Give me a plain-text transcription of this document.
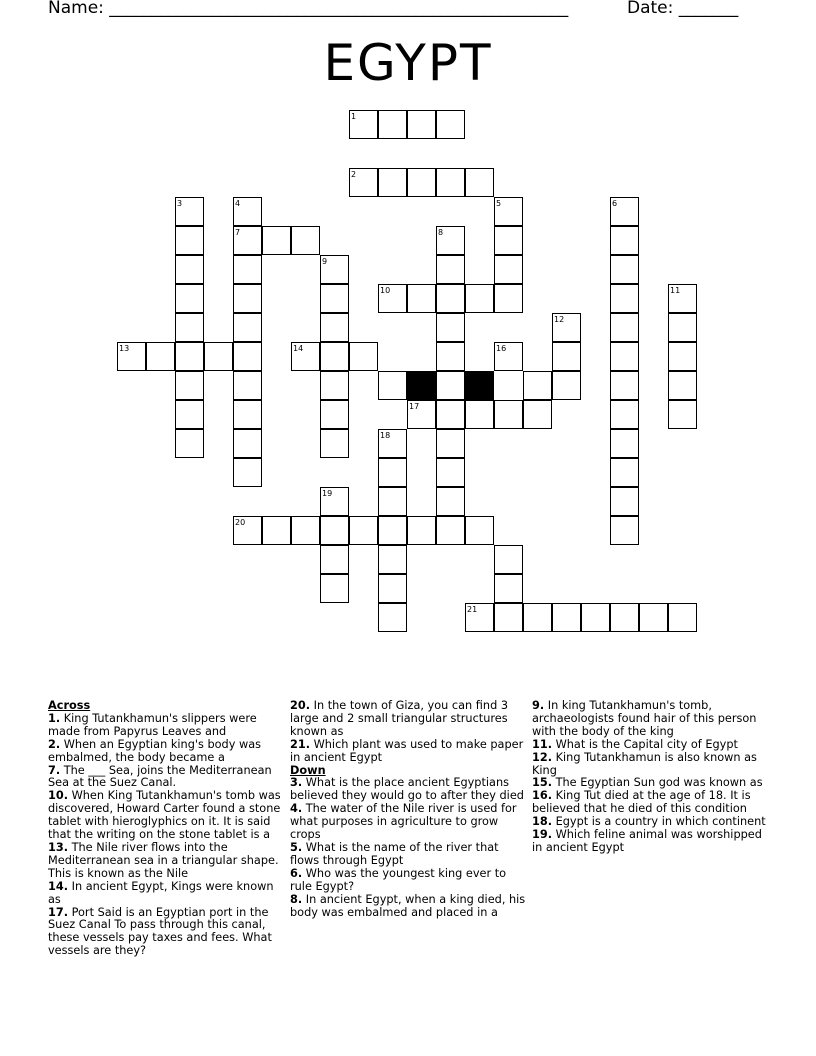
Name: ______________________________________________________	Date: _______
EGYPT
1
2
3	4
7
5	6
8
9
10	11
12
13	14	16
17
18
19
20
21

Across

1. King Tutankhamun's slippers were made from Papyrus Leaves and

2. When an Egyptian king's body was embalmed, the body became a

7. The ___ Sea, joins the Mediterranean Sea at the Suez Canal.

10. When King Tutankhamun's tomb was discovered, Howard Carter found a stone tablet with hieroglyphics on it. It is said that the writing on the stone tablet is a

13. The Nile river flows into the Mediterranean sea in a triangular shape. This is known as the Nile

14. In ancient Egypt, Kings were known as

17. Port Said is an Egyptian port in the Suez Canal To pass through this canal, these vessels pay taxes and fees. What vessels are they?

20. In the town of Giza, you can find 3 large and 2 small triangular structures known as

21. Which plant was used to make paper in ancient Egypt

Down

3. What is the place ancient Egyptians believed they would go to after they died

4. The water of the Nile river is used for what purposes in agriculture to grow crops

5. What is the name of the river that flows through Egypt

6. Who was the youngest king ever to rule Egypt?

8. In ancient Egypt, when a king died, his body was embalmed and placed in a

9. In king Tutankhamun's tomb, archaeologists found hair of this person with the body of the king

11. What is the Capital city of Egypt

12. King Tutankhamun is also known as King

15. The Egyptian Sun god was known as

16. King Tut died at the age of 18. It is believed that he died of this condition

18. Egypt is a country in which continent

19. Which feline animal was worshipped in ancient Egypt
